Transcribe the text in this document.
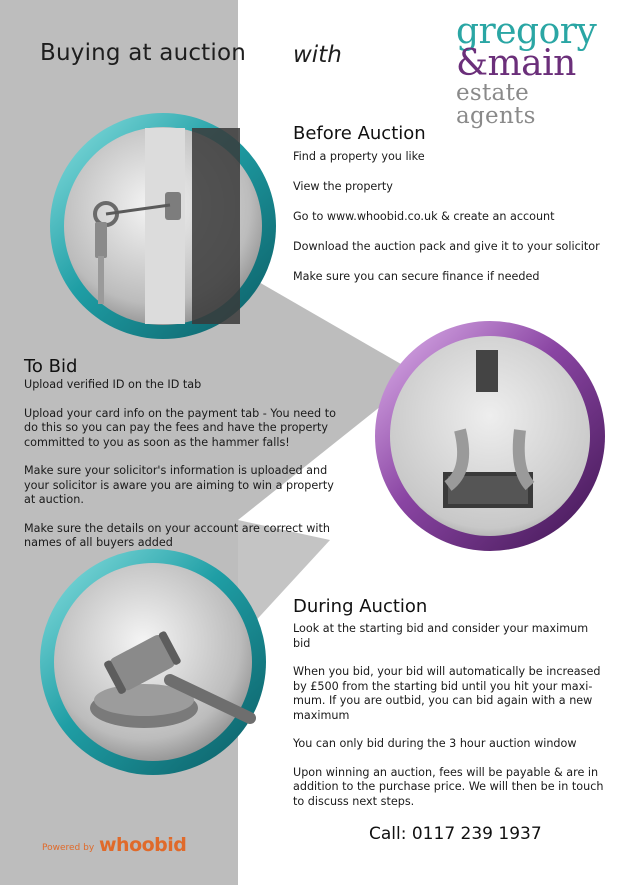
Buying at auction with
gregory
&main
estate agents
Before Auction
Find a property you like
View the property
Go to www.whoobid.co.uk & create an account
Download the auction pack and give it to your solicitor
Make sure you can secure finance if needed
To Bid
Upload verified ID on the ID tab
Upload your card info on the payment tab - You need to do this so you can pay the fees and have the property committed to you as soon as the hammer falls!
Make sure your solicitor's information is uploaded and your solicitor is aware you are aiming to win a property at auction.
Make sure the details on your account are correct with names of all buyers added
During Auction
Look at the starting bid and consider your maximum bid
When you bid, your bid will automatically be increased by £500 from the starting bid until you hit your maxi-mum. If you are outbid, you can bid again with a new maximum
You can only bid during the 3 hour auction window
Upon winning an auction, fees will be payable & are in addition to the purchase price. We will then be in touch to discuss next steps.
Call: 0117 239 1937
Powered by whoobid
